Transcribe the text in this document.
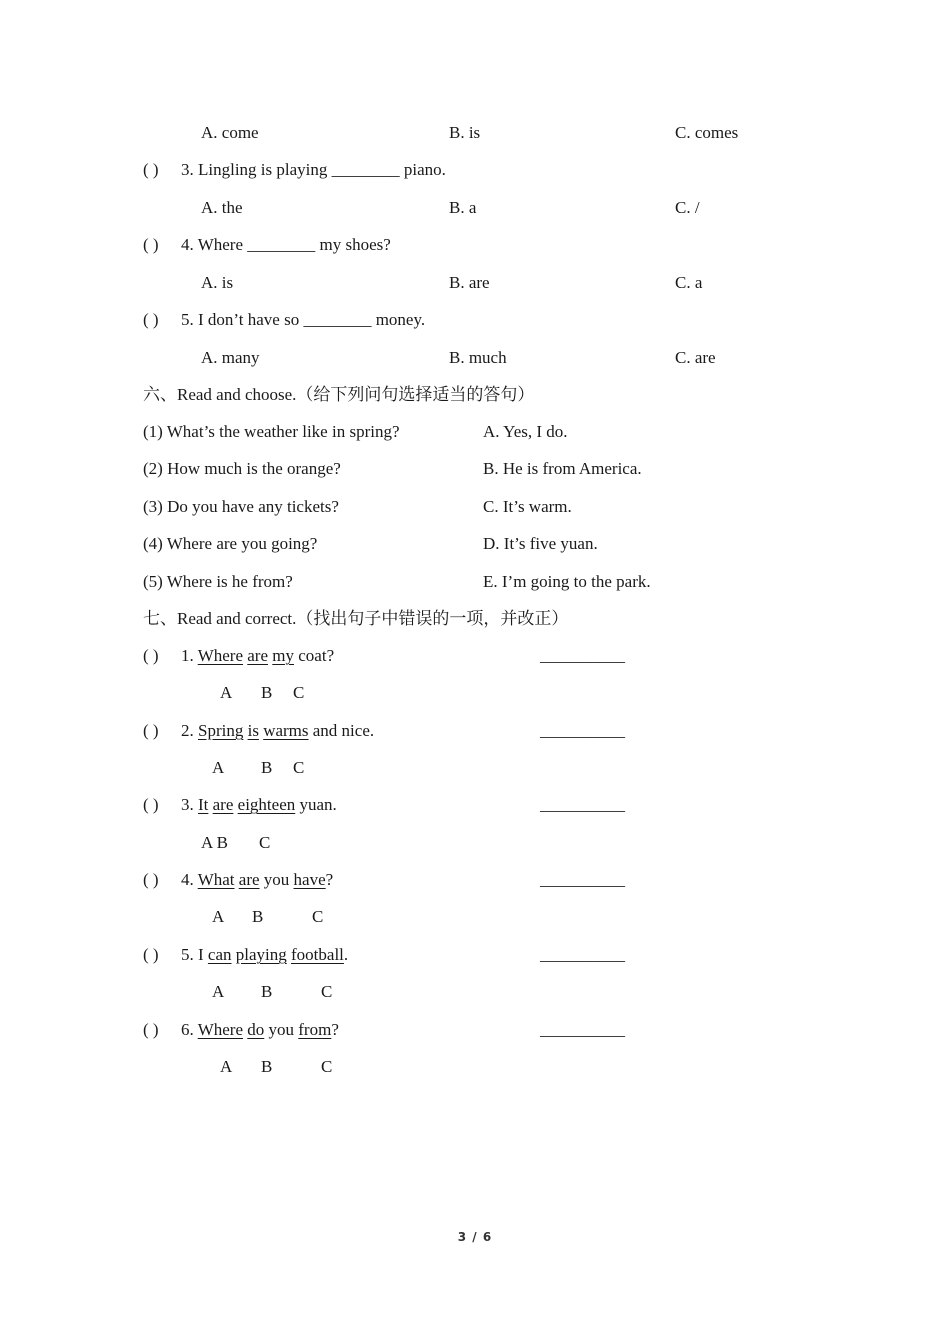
A. come	B. is	C. comes
( ) 3. Lingling is playing ________ piano.
A. the	B. a	C. /
( ) 4. Where ________ my shoes?
A. is	B. are	C. a
( ) 5. I don’t have so ________ money.
A. many	B. much	C. are
六、Read and choose.（给下列问句选择适当的答句）
(1) What’s the weather like in spring?	A. Yes, I do.
(2) How much is the orange?	B. He is from America.
(3) Do you have any tickets?	C. It’s warm.
(4) Where are you going?	D. It’s five yuan.
(5) Where is he from?	E. I’m going to the park.
七、Read and correct.（找出句子中错误的一项，并改正）
( ) 1. Where are my coat?	__________
A B C
( ) 2. Spring is warms and nice.	__________
A B C
( ) 3. It are eighteen yuan.	__________
A B C
( ) 4. What are you have?	__________
A B	C
( ) 5. I can playing football.	__________
A B	C
( ) 6. Where do you from?	__________
A B	C
3 / 6
